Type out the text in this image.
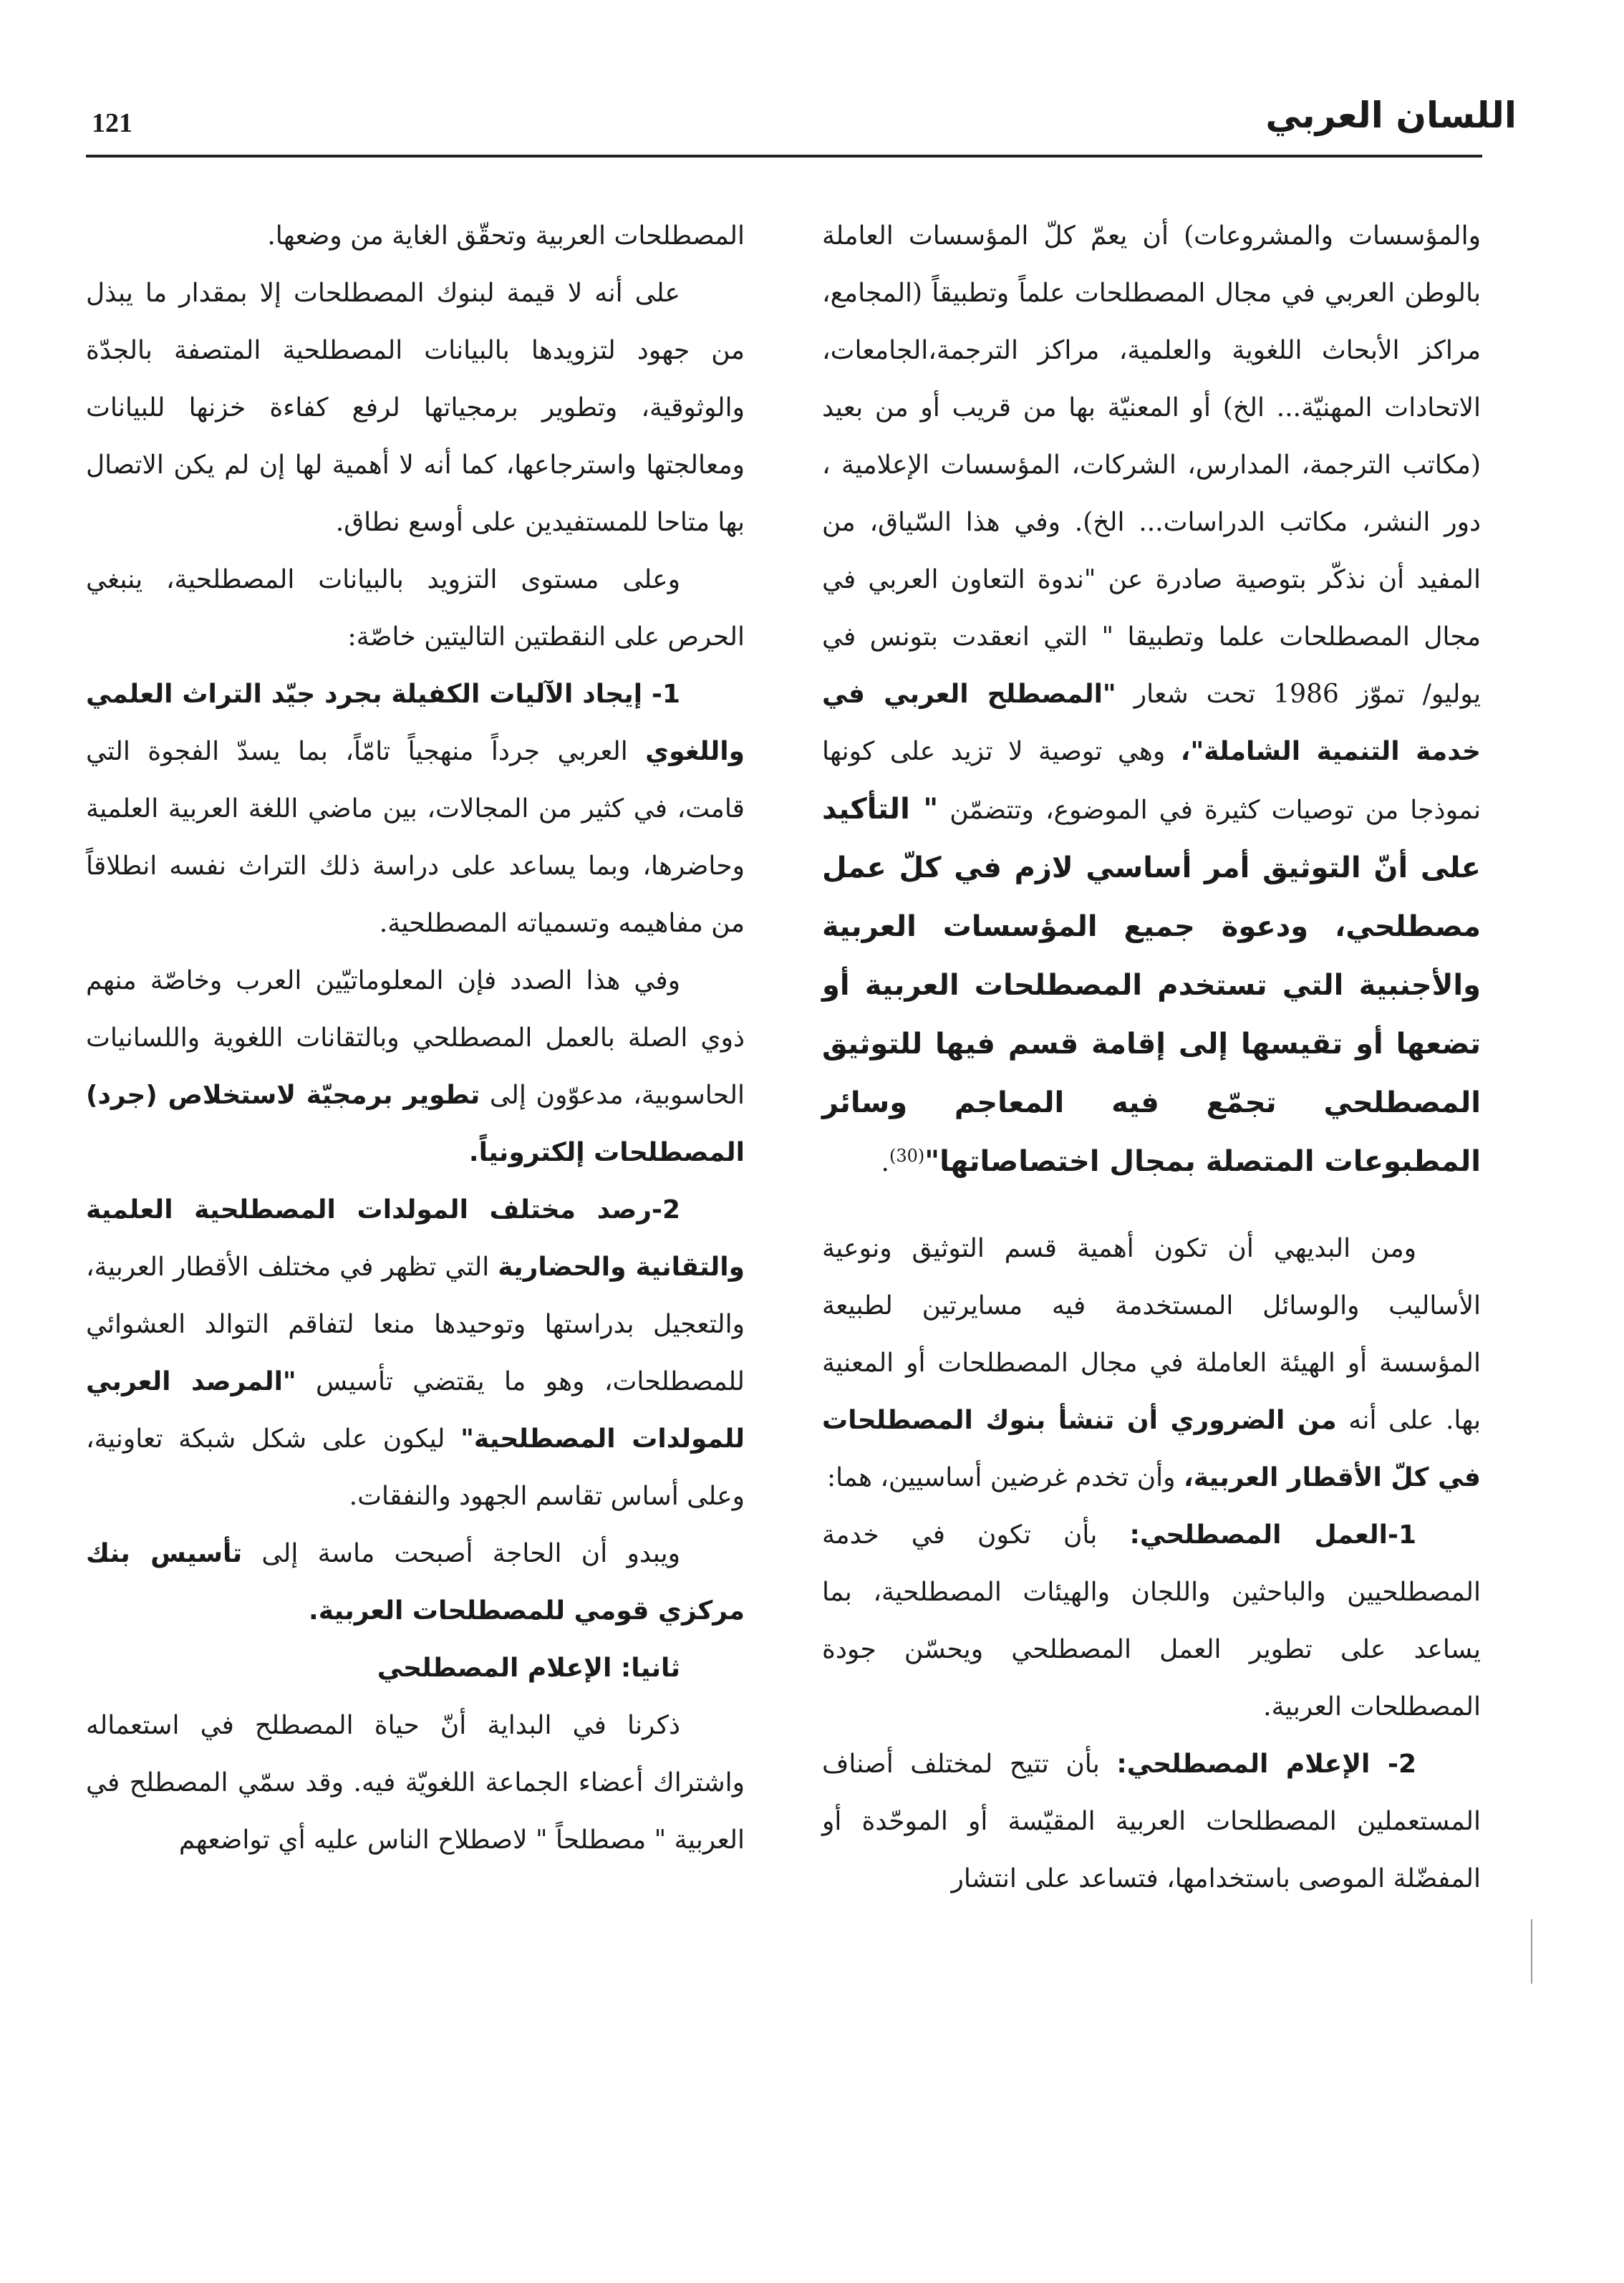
121	اللسان العربي

والمؤسسات والمشروعات) أن يعمّ كلّ المؤسسات العاملة بالوطن العربي في مجال المصطلحات علماً وتطبيقاً (المجامع، مراكز الأبحاث اللغوية والعلمية، مراكز الترجمة،الجامعات، الاتحادات المهنيّة... الخ) أو المعنيّة بها من قريب أو من بعيد (مكاتب الترجمة، المدارس، الشركات، المؤسسات الإعلامية ، دور النشر، مكاتب الدراسات... الخ). وفي هذا السّياق، من المفيد أن نذكّر بتوصية صادرة عن "ندوة التعاون العربي في مجال المصطلحات علما وتطبيقا " التي انعقدت بتونس في يوليو/ تموّز 1986 تحت شعار "المصطلح العربي في خدمة التنمية الشاملة"، وهي توصية لا تزيد على كونها نموذجا من توصيات كثيرة في الموضوع، وتتضمّن " التأكيد على أنّ التوثيق أمر أساسي لازم في كلّ عمل مصطلحي، ودعوة جميع المؤسسات العربية والأجنبية التي تستخدم المصطلحات العربية أو تضعها أو تقيسها إلى إقامة قسم فيها للتوثيق المصطلحي تجمّع فيه المعاجم وسائر المطبوعات المتصلة بمجال اختصاصاتها"$^{(30)}$.

ومن البديهي أن تكون أهمية قسم التوثيق ونوعية الأساليب والوسائل المستخدمة فيه مسايرتين لطبيعة المؤسسة أو الهيئة العاملة في مجال المصطلحات أو المعنية بها. على أنه من الضروري أن تنشأ بنوك المصطلحات في كلّ الأقطار العربية، وأن تخدم غرضين أساسيين، هما:

1-العمل المصطلحي: بأن تكون في خدمة المصطلحيين والباحثين واللجان والهيئات المصطلحية، بما يساعد على تطوير العمل المصطلحي ويحسّن جودة المصطلحات العربية.

2- الإعلام المصطلحي: بأن تتيح لمختلف أصناف المستعملين المصطلحات العربية المقيّسة أو الموحّدة أو المفضّلة الموصى باستخدامها، فتساعد على انتشار

المصطلحات العربية وتحقّق الغاية من وضعها.

على أنه لا قيمة لبنوك المصطلحات إلا بمقدار ما يبذل من جهود لتزويدها بالبيانات المصطلحية المتصفة بالجدّة والوثوقية، وتطوير برمجياتها لرفع كفاءة خزنها للبيانات ومعالجتها واسترجاعها، كما أنه لا أهمية لها إن لم يكن الاتصال بها متاحا للمستفيدين على أوسع نطاق.

وعلى مستوى التزويد بالبيانات المصطلحية، ينبغي الحرص على النقطتين التاليتين خاصّة:

1- إيجاد الآليات الكفيلة بجرد جيّد التراث العلمي واللغوي العربي جرداً منهجياً تامّاً، بما يسدّ الفجوة التي قامت، في كثير من المجالات، بين ماضي اللغة العربية العلمية وحاضرها، وبما يساعد على دراسة ذلك التراث نفسه انطلاقاً من مفاهيمه وتسمياته المصطلحية.

وفي هذا الصدد فإن المعلوماتيّين العرب وخاصّة منهم ذوي الصلة بالعمل المصطلحي وبالتقانات اللغوية واللسانيات الحاسوبية، مدعوّون إلى تطوير برمجيّة لاستخلاص (جرد) المصطلحات إلكترونياً.

2-رصد مختلف المولدات المصطلحية العلمية والتقانية والحضارية التي تظهر في مختلف الأقطار العربية، والتعجيل بدراستها وتوحيدها منعا لتفاقم التوالد العشوائي للمصطلحات، وهو ما يقتضي تأسيس "المرصد العربي للمولدات المصطلحية" ليكون على شكل شبكة تعاونية، وعلى أساس تقاسم الجهود والنفقات.

ويبدو أن الحاجة أصبحت ماسة إلى تأسيس بنك مركزي قومي للمصطلحات العربية.

ثانيا: الإعلام المصطلحي

ذكرنا في البداية أنّ حياة المصطلح في استعماله واشتراك أعضاء الجماعة اللغويّة فيه. وقد سمّي المصطلح في العربية " مصطلحاً " لاصطلاح الناس عليه أي تواضعهم
